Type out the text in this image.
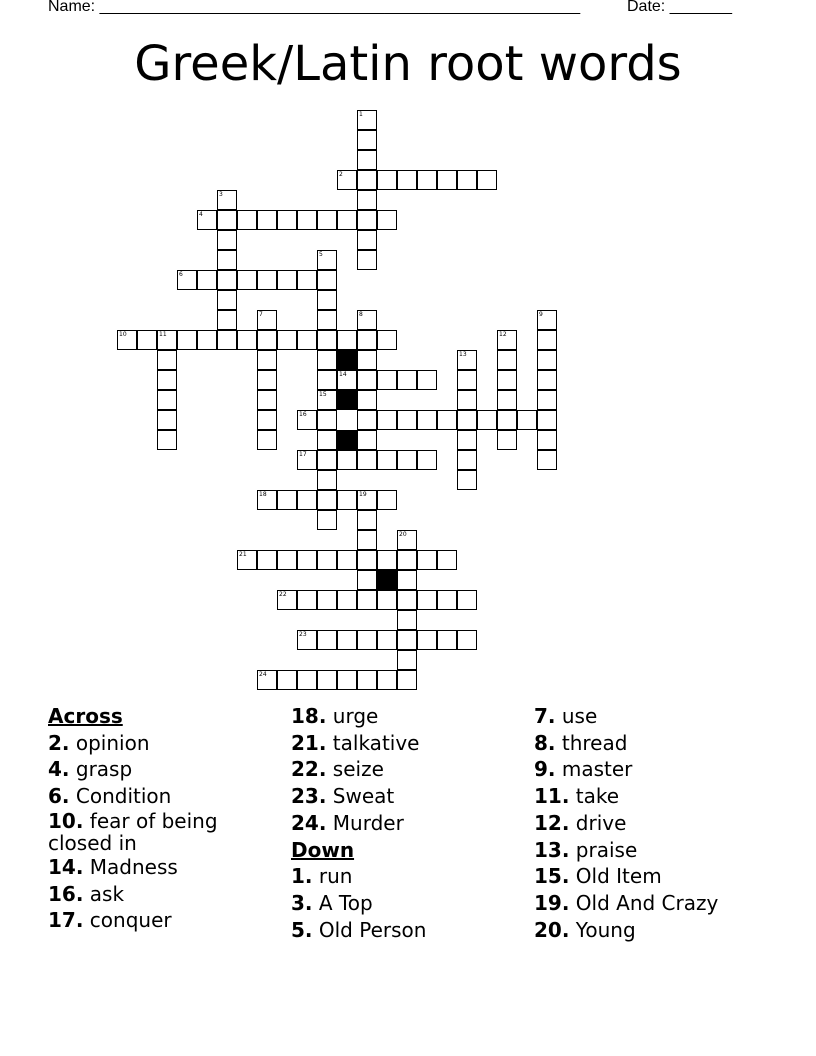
Name: ______________________________________________________	Date: _______
Greek/Latin root words
1
2
3
4
5
15
6
10	11
7	8	9
12
13
14
16
17
18	19
20
21
22
23
24
Across
2. opinion
4. grasp
6. Condition
10. fear of being closed in
14. Madness
16. ask
17. conquer
18. urge
21. talkative
22. seize
23. Sweat
24. Murder
Down
1. run
3. A Top
5. Old Person
7. use
8. thread
9. master
11. take
12. drive
13. praise
15. Old Item
19. Old And Crazy
20. Young
